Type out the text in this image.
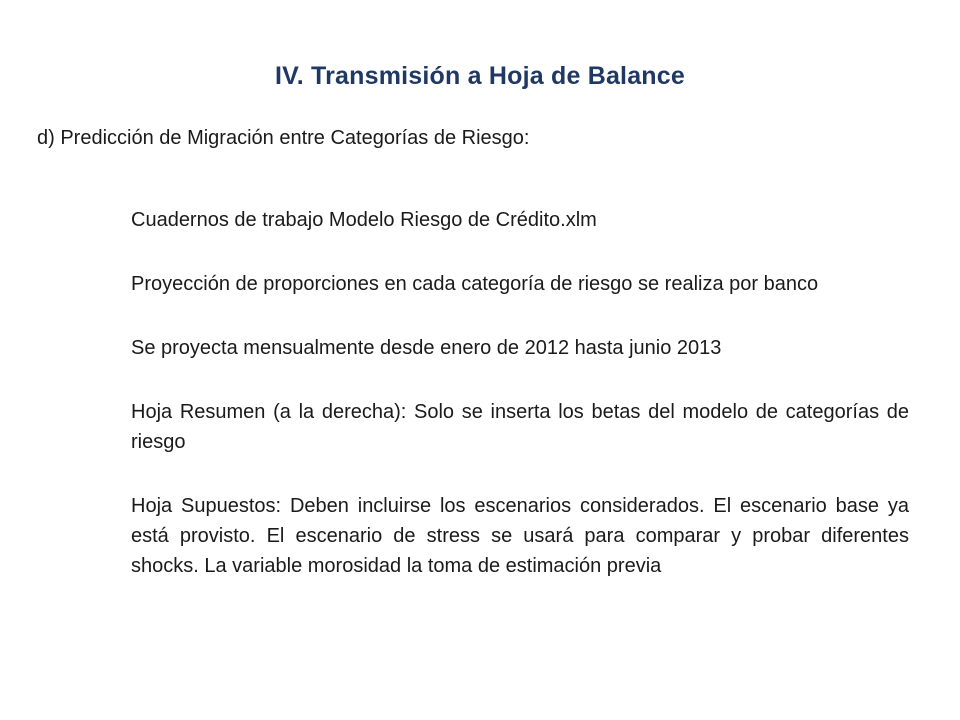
IV. Transmisión a Hoja de Balance
d) Predicción de Migración entre Categorías de Riesgo:
Cuadernos de trabajo Modelo Riesgo de Crédito.xlm
Proyección de proporciones en cada categoría de riesgo se realiza por banco
Se proyecta mensualmente desde enero de 2012 hasta junio 2013
Hoja Resumen (a la derecha): Solo se inserta los betas del modelo de categorías de riesgo
Hoja Supuestos: Deben incluirse los escenarios considerados. El escenario base ya está provisto. El escenario de stress se usará para comparar y probar diferentes shocks. La variable morosidad la toma de estimación previa
